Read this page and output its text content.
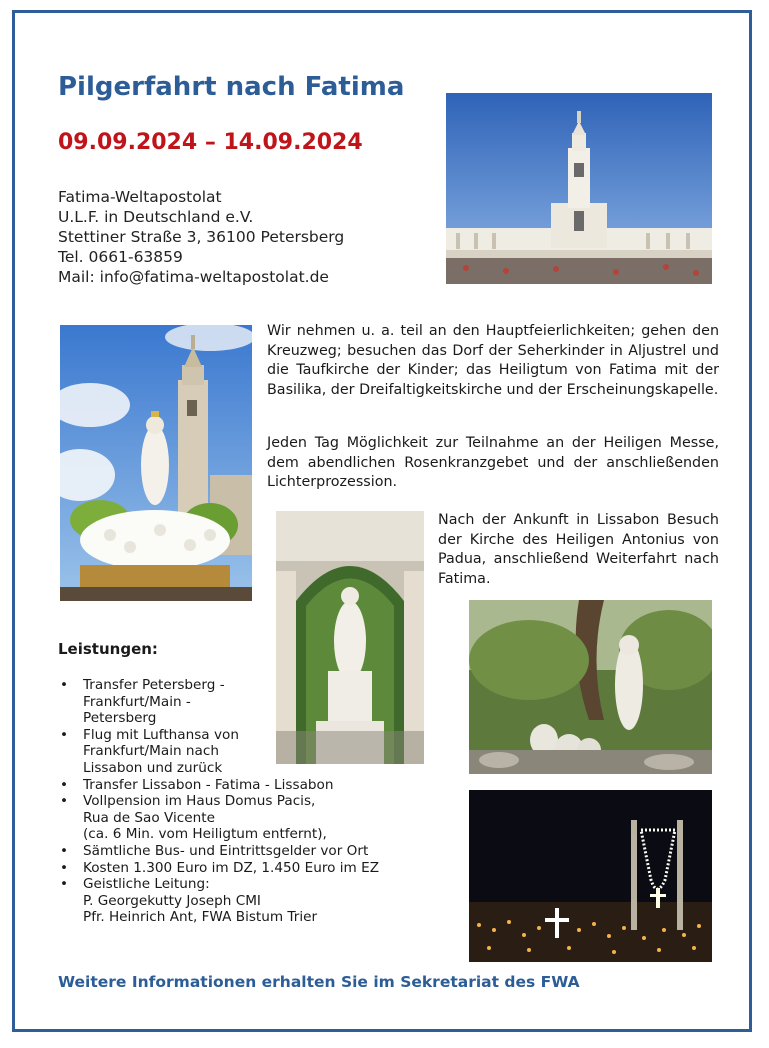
Pilgerfahrt nach Fatima
09.09.2024 – 14.09.2024
Fatima-Weltapostolat
U.L.F. in Deutschland e.V.
Stettiner Straße 3, 36100 Petersberg
Tel. 0661-63859
Mail: info@fatima-weltapostolat.de

Wir nehmen u. a. teil an den Hauptfeierlichkeiten; gehen den Kreuzweg; besuchen das Dorf der Seherkinder in Aljustrel und die Taufkirche der Kinder; das Heiligtum von Fatima mit der Basilika, der Dreifaltigkeitskirche und der Erscheinungskapelle.

Jeden Tag Möglichkeit zur Teilnahme an der Heiligen Messe, dem abendlichen Rosenkranzgebet und der anschließenden Lichterprozession.

Nach der Ankunft in Lissabon Besuch der Kirche des Heiligen Antonius von Padua, anschließend Weiterfahrt nach Fatima.

Leistungen:
• Transfer Petersberg -
Frankfurt/Main -
Petersberg
• Flug mit Lufthansa von
Frankfurt/Main nach
Lissabon und zurück
• Transfer Lissabon - Fatima - Lissabon
• Vollpension im Haus Domus Pacis,
Rua de Sao Vicente
(ca. 6 Min. vom Heiligtum entfernt),
• Sämtliche Bus- und Eintrittsgelder vor Ort
• Kosten 1.300 Euro im DZ, 1.450 Euro im EZ
• Geistliche Leitung:
P. Georgekutty Joseph CMI
Pfr. Heinrich Ant, FWA Bistum Trier

Weitere Informationen erhalten Sie im Sekretariat des FWA
